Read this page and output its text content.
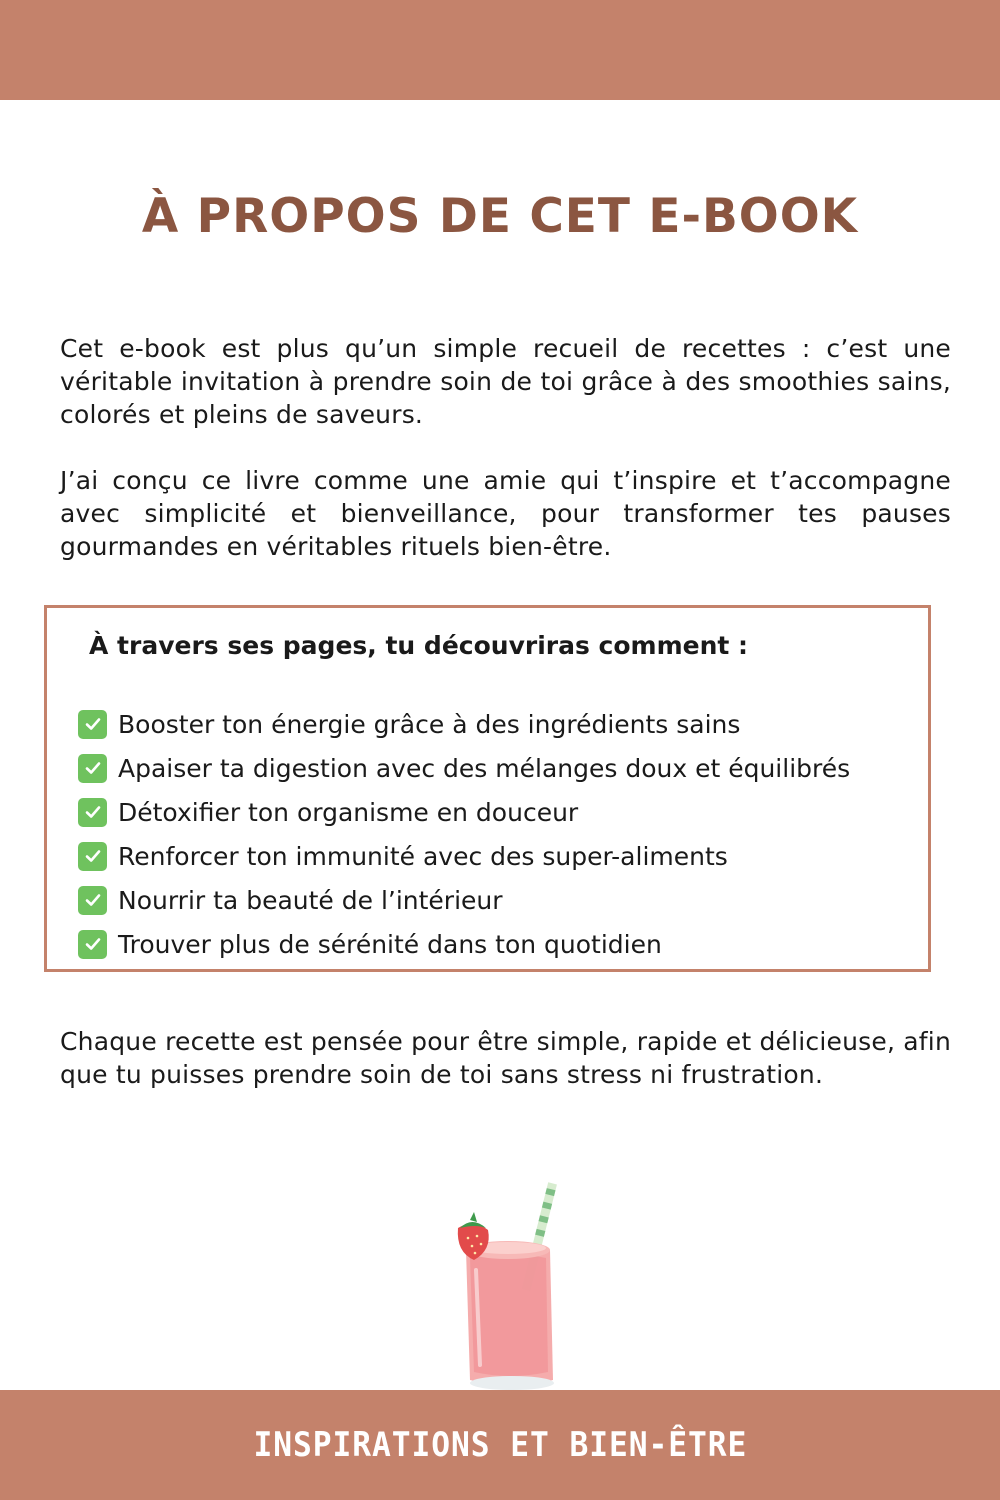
À PROPOS DE CET E-BOOK

Cet e-book est plus qu’un simple recueil de recettes : c’est une véritable invitation à prendre soin de toi grâce à des smoothies sains, colorés et pleins de saveurs.

J’ai conçu ce livre comme une amie qui t’inspire et t’accompagne avec simplicité et bienveillance, pour transformer tes pauses gourmandes en véritables rituels bien-être.

À travers ses pages, tu découvriras comment :

Booster ton énergie grâce à des ingrédients sains
Apaiser ta digestion avec des mélanges doux et équilibrés
Détoxifier ton organisme en douceur
Renforcer ton immunité avec des super-aliments
Nourrir ta beauté de l’intérieur
Trouver plus de sérénité dans ton quotidien

Chaque recette est pensée pour être simple, rapide et délicieuse, afin que tu puisses prendre soin de toi sans stress ni frustration.

INSPIRATIONS ET BIEN-ÊTRE
